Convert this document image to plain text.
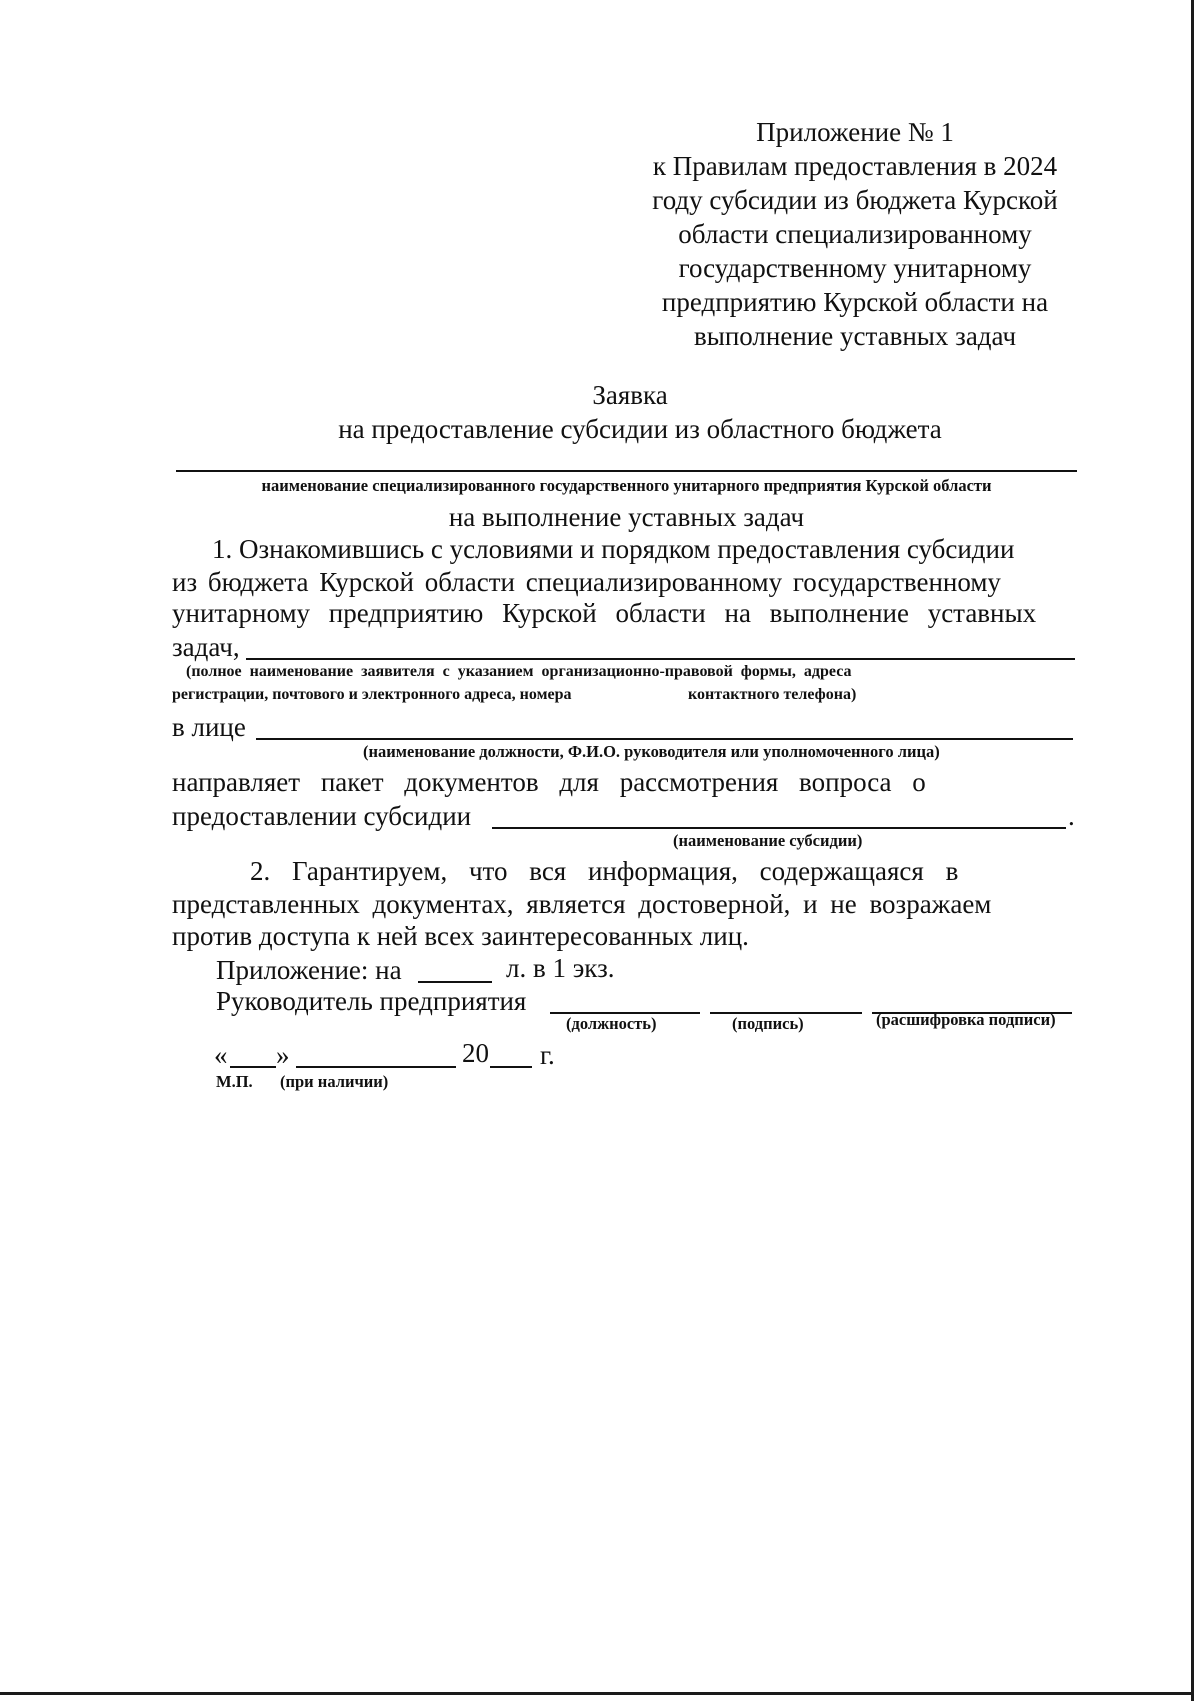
Приложение № 1
к Правилам предоставления в 2024
году субсидии из бюджета Курской
области специализированному
государственному унитарному
предприятию Курской области на
выполнение уставных задач
Заявка
на предоставление субсидии из областного бюджета
наименование специализированного государственного унитарного предприятия Курской области
на выполнение уставных задач
1. Ознакомившись с условиями и порядком предоставления субсидии
из бюджета Курской области специализированному государственному
унитарному предприятию Курской области на выполнение уставных
задач,
(полное наименование заявителя с указанием организационно-правовой формы, адреса
регистрации, почтового и электронного адреса, номера	контактного телефона)
в лице
(наименование должности, Ф.И.О. руководителя или уполномоченного лица)
направляет пакет документов для рассмотрения вопроса о
предоставлении субсидии	.
(наименование субсидии)
2. Гарантируем, что вся информация, содержащаяся в
представленных документах, является достоверной, и не возражаем
против доступа к ней всех заинтересованных лиц.
Приложение: на	л. в 1 экз.
Руководитель предприятия
(должность)	(подпись)	(расшифровка подписи)
« »	20 г.
М.П. (при наличии)
